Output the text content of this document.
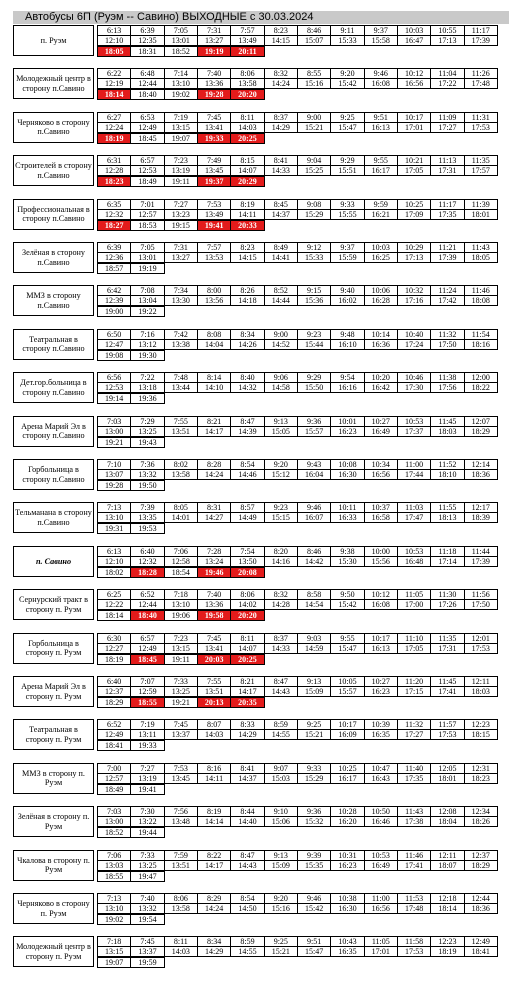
Автобусы 6П (Руэм -- Савино) ВЫХОДНЫЕ с 30.03.2024
п. Руэм
6:13	6:39	7:05	7:31	7:57	8:23	8:46	9:11	9:37	10:03	10:55	11:17
12:10	12:35	13:01	13:27	13:49	14:15	15:07	15:33	15:58	16:47	17:13	17:39
18:05	18:31	18:52	19:19	20:11
Молодежный центр в сторону п.Савино
6:22	6:48	7:14	7:40	8:06	8:32	8:55	9:20	9:46	10:12	11:04	11:26
12:19	12:44	13:10	13:36	13:58	14:24	15:16	15:42	16:08	16:56	17:22	17:48
18:14	18:40	19:02	19:28	20:20
Черняково в сторону п.Савино
6:27	6:53	7:19	7:45	8:11	8:37	9:00	9:25	9:51	10:17	11:09	11:31
12:24	12:49	13:15	13:41	14:03	14:29	15:21	15:47	16:13	17:01	17:27	17:53
18:19	18:45	19:07	19:33	20:25
Строителей в сторону п.Савино
6:31	6:57	7:23	7:49	8:15	8:41	9:04	9:29	9:55	10:21	11:13	11:35
12:28	12:53	13:19	13:45	14:07	14:33	15:25	15:51	16:17	17:05	17:31	17:57
18:23	18:49	19:11	19:37	20:29
Профессиональная в сторону п.Савино
6:35	7:01	7:27	7:53	8:19	8:45	9:08	9:33	9:59	10:25	11:17	11:39
12:32	12:57	13:23	13:49	14:11	14:37	15:29	15:55	16:21	17:09	17:35	18:01
18:27	18:53	19:15	19:41	20:33
Зелёная в сторону п.Савино
6:39	7:05	7:31	7:57	8:23	8:49	9:12	9:37	10:03	10:29	11:21	11:43
12:36	13:01	13:27	13:53	14:15	14:41	15:33	15:59	16:25	17:13	17:39	18:05
18:57	19:19
ММЗ в сторону п.Савино
6:42	7:08	7:34	8:00	8:26	8:52	9:15	9:40	10:06	10:32	11:24	11:46
12:39	13:04	13:30	13:56	14:18	14:44	15:36	16:02	16:28	17:16	17:42	18:08
19:00	19:22
Театральная в сторону п.Савино
6:50	7:16	7:42	8:08	8:34	9:00	9:23	9:48	10:14	10:40	11:32	11:54
12:47	13:12	13:38	14:04	14:26	14:52	15:44	16:10	16:36	17:24	17:50	18:16
19:08	19:30
Дет.гор.больница в сторону п.Савино
6:56	7:22	7:48	8:14	8:40	9:06	9:29	9:54	10:20	10:46	11:38	12:00
12:53	13:18	13:44	14:10	14:32	14:58	15:50	16:16	16:42	17:30	17:56	18:22
19:14	19:36
Арена Марий Эл в сторону п.Савино
7:03	7:29	7:55	8:21	8:47	9:13	9:36	10:01	10:27	10:53	11:45	12:07
13:00	13:25	13:51	14:17	14:39	15:05	15:57	16:23	16:49	17:37	18:03	18:29
19:21	19:43
Горбольница в сторону п.Савино
7:10	7:36	8:02	8:28	8:54	9:20	9:43	10:08	10:34	11:00	11:52	12:14
13:07	13:32	13:58	14:24	14:46	15:12	16:04	16:30	16:56	17:44	18:10	18:36
19:28	19:50
Тельманана в сторону п.Савино
7:13	7:39	8:05	8:31	8:57	9:23	9:46	10:11	10:37	11:03	11:55	12:17
13:10	13:35	14:01	14:27	14:49	15:15	16:07	16:33	16:58	17:47	18:13	18:39
19:31	19:53
п. Савино
6:13	6:40	7:06	7:28	7:54	8:20	8:46	9:38	10:00	10:53	11:18	11:44
12:10	12:32	12:58	13:24	13:50	14:16	14:42	15:30	15:56	16:48	17:14	17:39
18:02	18:28	18:54	19:46	20:08
Сернурский тракт в сторону п. Руэм
6:25	6:52	7:18	7:40	8:06	8:32	8:58	9:50	10:12	11:05	11:30	11:56
12:22	12:44	13:10	13:36	14:02	14:28	14:54	15:42	16:08	17:00	17:26	17:50
18:14	18:40	19:06	19:58	20:20
Горбольница в сторону п. Руэм
6:30	6:57	7:23	7:45	8:11	8:37	9:03	9:55	10:17	11:10	11:35	12:01
12:27	12:49	13:15	13:41	14:07	14:33	14:59	15:47	16:13	17:05	17:31	17:53
18:19	18:45	19:11	20:03	20:25
Арена Марий Эл в сторону п. Руэм
6:40	7:07	7:33	7:55	8:21	8:47	9:13	10:05	10:27	11:20	11:45	12:11
12:37	12:59	13:25	13:51	14:17	14:43	15:09	15:57	16:23	17:15	17:41	18:03
18:29	18:55	19:21	20:13	20:35
Театральная в сторону п. Руэм
6:52	7:19	7:45	8:07	8:33	8:59	9:25	10:17	10:39	11:32	11:57	12:23
12:49	13:11	13:37	14:03	14:29	14:55	15:21	16:09	16:35	17:27	17:53	18:15
18:41	19:33
ММЗ в сторону п. Руэм
7:00	7:27	7:53	8:16	8:41	9:07	9:33	10:25	10:47	11:40	12:05	12:31
12:57	13:19	13:45	14:11	14:37	15:03	15:29	16:17	16:43	17:35	18:01	18:23
18:49	19:41
Зелёная в сторону п. Руэм
7:03	7:30	7:56	8:19	8:44	9:10	9:36	10:28	10:50	11:43	12:08	12:34
13:00	13:22	13:48	14:14	14:40	15:06	15:32	16:20	16:46	17:38	18:04	18:26
18:52	19:44
Чкалова в сторону п. Руэм
7:06	7:33	7:59	8:22	8:47	9:13	9:39	10:31	10:53	11:46	12:11	12:37
13:03	13:25	13:51	14:17	14:43	15:09	15:35	16:23	16:49	17:41	18:07	18:29
18:55	19:47
Черняково в сторону п. Руэм
7:13	7:40	8:06	8:29	8:54	9:20	9:46	10:38	11:00	11:53	12:18	12:44
13:10	13:32	13:58	14:24	14:50	15:16	15:42	16:30	16:56	17:48	18:14	18:36
19:02	19:54
Молодежный центр в сторону п. Руэм
7:18	7:45	8:11	8:34	8:59	9:25	9:51	10:43	11:05	11:58	12:23	12:49
13:15	13:37	14:03	14:29	14:55	15:21	15:47	16:35	17:01	17:53	18:19	18:41
19:07	19:59
